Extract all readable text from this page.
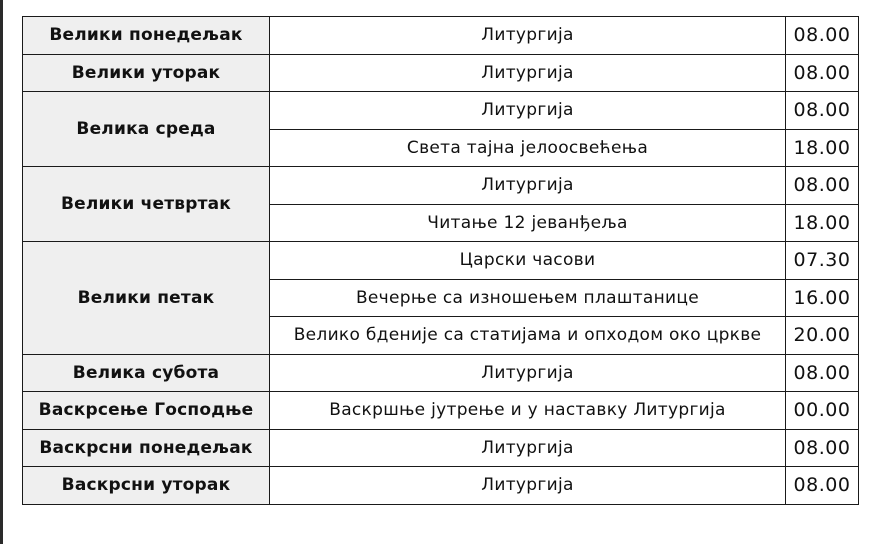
Велики понедељак	Литургија	08.00
Велики уторак	Литургија	08.00
Велика среда	Литургија	08.00
	Света тајна јелоосвећења	18.00
Велики четвртак	Литургија	08.00
	Читање 12 јеванђеља	18.00
Велики петак	Царски часови	07.30
	Вечерње са изношењем плаштанице	16.00
	Велико бденије са статијама и опходом око цркве	20.00
Велика субота	Литургија	08.00
Васкрсење Господње	Васкршње јутрење и у наставку Литургија	00.00
Васкрсни понедељак	Литургија	08.00
Васкрсни уторак	Литургија	08.00
